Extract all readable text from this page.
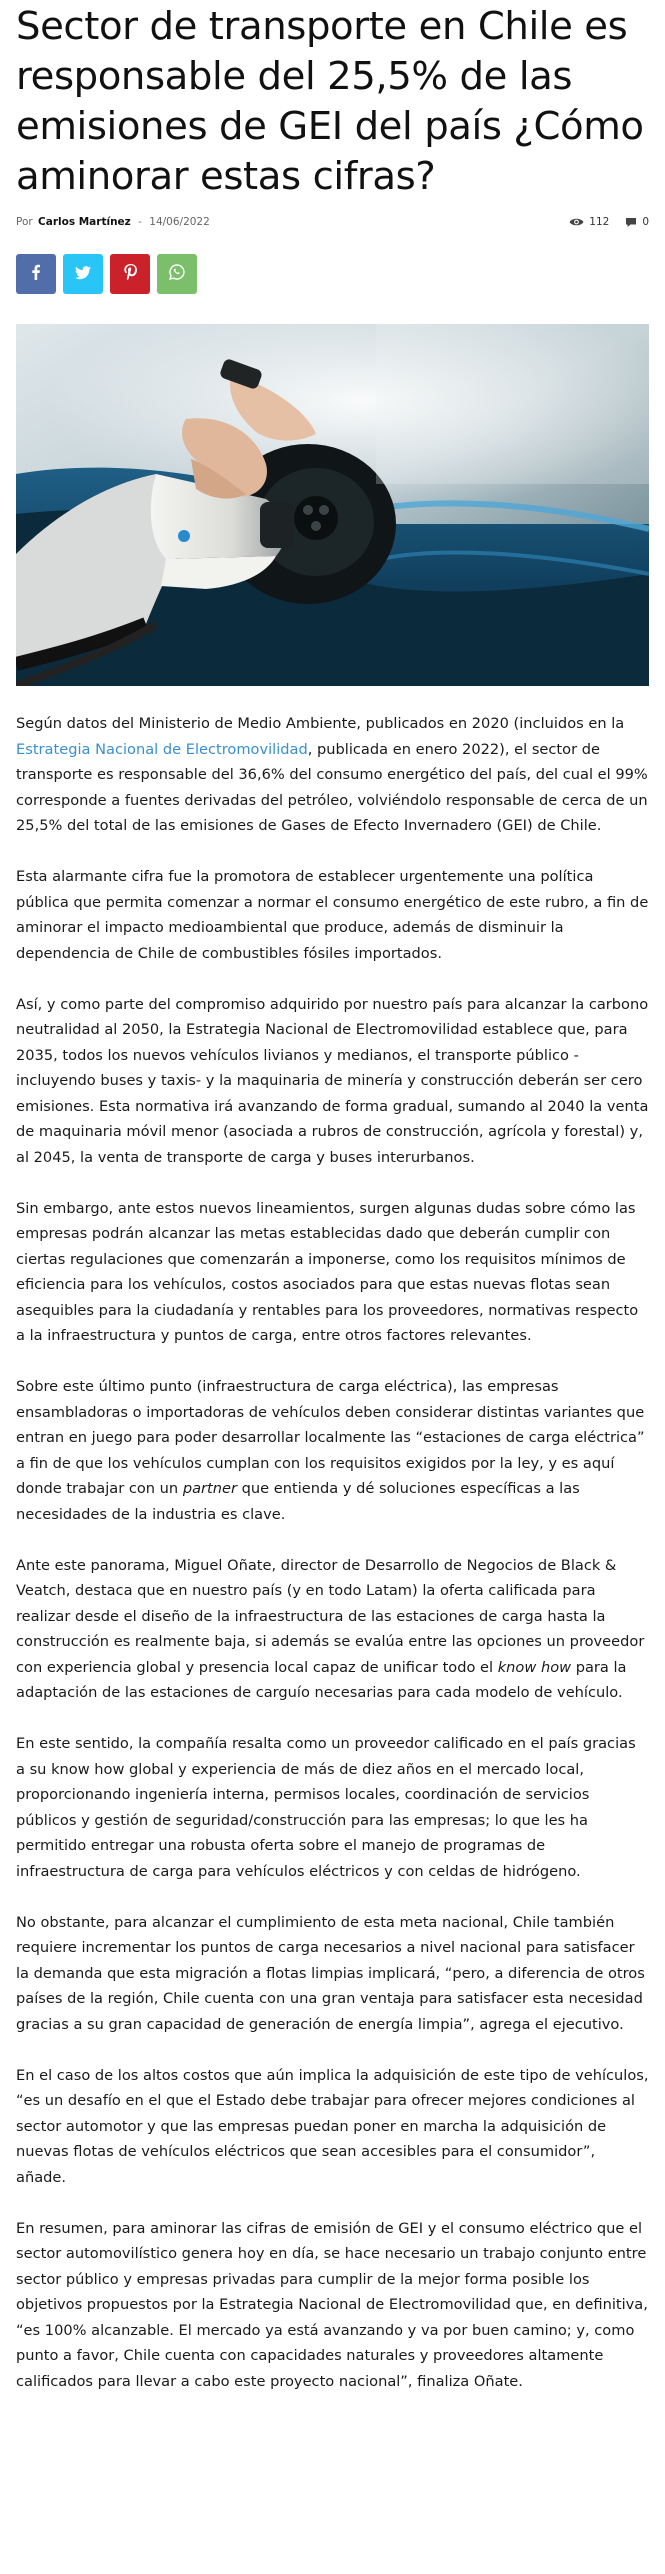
Sector de transporte en Chile es responsable del 25,5% de las emisiones de GEI del país ¿Cómo aminorar estas cifras?
Por Carlos Martínez - 14/06/2022	112	0

Según datos del Ministerio de Medio Ambiente, publicados en 2020 (incluidos en la Estrategia Nacional de Electromovilidad, publicada en enero 2022), el sector de transporte es responsable del 36,6% del consumo energético del país, del cual el 99% corresponde a fuentes derivadas del petróleo, volviéndolo responsable de cerca de un 25,5% del total de las emisiones de Gases de Efecto Invernadero (GEI) de Chile.

Esta alarmante cifra fue la promotora de establecer urgentemente una política pública que permita comenzar a normar el consumo energético de este rubro, a fin de aminorar el impacto medioambiental que produce, además de disminuir la dependencia de Chile de combustibles fósiles importados.

Así, y como parte del compromiso adquirido por nuestro país para alcanzar la carbono neutralidad al 2050, la Estrategia Nacional de Electromovilidad establece que, para 2035, todos los nuevos vehículos livianos y medianos, el transporte público -incluyendo buses y taxis- y la maquinaria de minería y construcción deberán ser cero emisiones. Esta normativa irá avanzando de forma gradual, sumando al 2040 la venta de maquinaria móvil menor (asociada a rubros de construcción, agrícola y forestal) y, al 2045, la venta de transporte de carga y buses interurbanos.

Sin embargo, ante estos nuevos lineamientos, surgen algunas dudas sobre cómo las empresas podrán alcanzar las metas establecidas dado que deberán cumplir con ciertas regulaciones que comenzarán a imponerse, como los requisitos mínimos de eficiencia para los vehículos, costos asociados para que estas nuevas flotas sean asequibles para la ciudadanía y rentables para los proveedores, normativas respecto a la infraestructura y puntos de carga, entre otros factores relevantes.

Sobre este último punto (infraestructura de carga eléctrica), las empresas ensambladoras o importadoras de vehículos deben considerar distintas variantes que entran en juego para poder desarrollar localmente las “estaciones de carga eléctrica” a fin de que los vehículos cumplan con los requisitos exigidos por la ley, y es aquí donde trabajar con un partner que entienda y dé soluciones específicas a las necesidades de la industria es clave.

Ante este panorama, Miguel Oñate, director de Desarrollo de Negocios de Black & Veatch, destaca que en nuestro país (y en todo Latam) la oferta calificada para realizar desde el diseño de la infraestructura de las estaciones de carga hasta la construcción es realmente baja, si además se evalúa entre las opciones un proveedor con experiencia global y presencia local capaz de unificar todo el know how para la adaptación de las estaciones de carguío necesarias para cada modelo de vehículo.

En este sentido, la compañía resalta como un proveedor calificado en el país gracias a su know how global y experiencia de más de diez años en el mercado local, proporcionando ingeniería interna, permisos locales, coordinación de servicios públicos y gestión de seguridad/construcción para las empresas; lo que les ha permitido entregar una robusta oferta sobre el manejo de programas de infraestructura de carga para vehículos eléctricos y con celdas de hidrógeno.

No obstante, para alcanzar el cumplimiento de esta meta nacional, Chile también requiere incrementar los puntos de carga necesarios a nivel nacional para satisfacer la demanda que esta migración a flotas limpias implicará, “pero, a diferencia de otros países de la región, Chile cuenta con una gran ventaja para satisfacer esta necesidad gracias a su gran capacidad de generación de energía limpia”, agrega el ejecutivo.

En el caso de los altos costos que aún implica la adquisición de este tipo de vehículos, “es un desafío en el que el Estado debe trabajar para ofrecer mejores condiciones al sector automotor y que las empresas puedan poner en marcha la adquisición de nuevas flotas de vehículos eléctricos que sean accesibles para el consumidor”, añade.

En resumen, para aminorar las cifras de emisión de GEI y el consumo eléctrico que el sector automovilístico genera hoy en día, se hace necesario un trabajo conjunto entre sector público y empresas privadas para cumplir de la mejor forma posible los objetivos propuestos por la Estrategia Nacional de Electromovilidad que, en definitiva, “es 100% alcanzable. El mercado ya está avanzando y va por buen camino; y, como punto a favor, Chile cuenta con capacidades naturales y proveedores altamente calificados para llevar a cabo este proyecto nacional”, finaliza Oñate.
